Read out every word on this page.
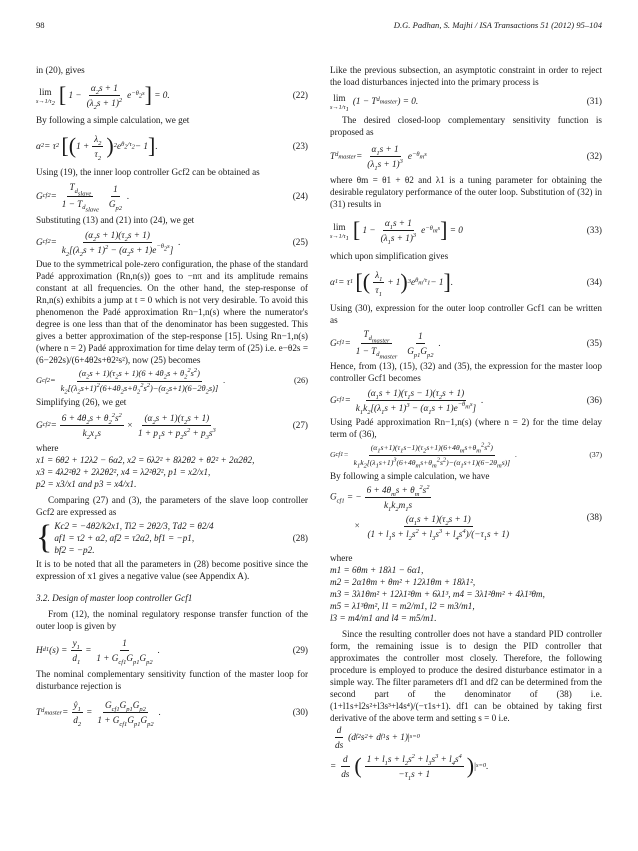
98	D.G. Padhan, S. Majhi / ISA Transactions 51 (2012) 95–104

in (20), gives

lim
$s\to 1/\tau_2$ [ 1 −
$\alpha_2s + 1$
$(\lambda_2s + 1)^2$ $e -\theta_2s$ ] = 0.	(22)

By following a simple calculation, we get

α 2 = τ 2
[ ( 1 +
$\lambda_2$
$\tau_2$ ) 2 e $\theta_2/\tau_2 - 1$ ] .	(23)

Using (19), the inner loop controller Gcf2 can be obtained as

G cf2 =
$T_{d_{slave}}$
$1 - T_{d_{slave}}$
1
$G_{p2}$
.	(24)

Substituting (13) and (21) into (24), we get

G cf2 =
$(\alpha_2s + 1)(\tau_2s + 1)$
$k_2[(\lambda_2s + 1)^2 - (\alpha_2s + 1)e^{-\theta_2s}]$
.	(25)

Due to the symmetrical pole-zero configuration, the phase of the standard Padé approximation (Rn,n(s)) goes to −nπ and its amplitude remains constant at all frequencies. On the other hand, the step-response of Rn,n(s) exhibits a jump at t = 0 which is not very desirable. To avoid this phenomenon the Padé approximation Rn−1,n(s) where the numerator's degree is one less than that of the denominator has been suggested. This gives a better approximation of the step-response [15]. Using Rn−1,n(s) (where n = 2) Padé approximation for time delay term of (25) i.e. e−θ2s = (6−2θ2s)/(6+4θ2s+θ2²s²), now (25) becomes

G cf2 =
$(\alpha_2s + 1)(\tau_2s + 1)(6 + 4\theta_2s + \theta_2^2s^2)$
$k_2[(\lambda_2s+1)^2(6+4\theta_2s+\theta_2^2s^2)-(\alpha_2s+1)(6-2\theta_2s)]$
.	(26)

Simplifying (26), we get

G cf2 =
$6 + 4\theta_2s + \theta_2^2s^2$
$k_2x_1s$
×
$(\alpha_2s + 1)(\tau_2s + 1)$
$1 + p_1s + p_2s^2 + p_3s^3$	(27)

where

x1 = 6θ2 + 12λ2 − 6α2, x2 = 6λ2² + 8λ2θ2 + θ2² + 2α2θ2,

x3 = 4λ2²θ2 + 2λ2θ2², x4 = λ2²θ2², p1 = x2/x1,

p2 = x3/x1 and p3 = x4/x1.

Comparing (27) and (3), the parameters of the slave loop controller Gcf2 are expressed as

{ Kc2 = −4θ2/k2x1, Ti2 = 2θ2/3, Td2 = θ2/4
af1 = τ2 + α2, af2 = τ2α2, bf1 = −p1,
bf2 = −p2.
(28)

It is to be noted that all the parameters in (28) become positive since the expression of x1 gives a negative value (see Appendix A).

3.2. Design of master loop controller Gcf1

From (12), the nominal regulatory response transfer function of the outer loop is given by

H d1 (s) =
$y_1$
$d_1$
=
1
$1 + G_{cf1}G_{p1}G_{p2}$
.	(29)

The nominal complementary sensitivity function of the master loop for disturbance rejection is

T $d_{master}$ =
$ŷ_1$
$d_2$
=
$G_{cf1}G_{p1}G_{p2}$
$1 + G_{cf1}G_{p1}G_{p2}$
.	(30)

Like the previous subsection, an asymptotic constraint in order to reject the load disturbances injected into the primary process is

lim
$s\to 1/\tau_1$
(1 − T $d_{master}$ ) = 0.	(31)

The desired closed-loop complementary sensitivity function is proposed as

T $d_{master}$ =
$\alpha_1s + 1$
$(\lambda_1s + 1)^3$ $e -\theta_ms$	(32)

where θm = θ1 + θ2 and λ1 is a tuning parameter for obtaining the desirable regulatory performance of the outer loop. Substitution of (32) in (31) results in

lim
$s\to 1/\tau_1$ [ 1 −
$\alpha_1s + 1$
$(\lambda_1s + 1)^3$ $e -\theta_ms$ ] = 0	(33)

which upon simplification gives

α 1 = τ 1
[ ( $\lambda_1$
$\tau_1$
+ 1 ) 3 e $\theta_m/\tau_1 - 1$ ] .	(34)

Using (30), expression for the outer loop controller Gcf1 can be written as

G cf1 =
$T_{d_{master}}$
$1 - T_{d_{master}}$
1
$G_{p1}G_{p2}$
.	(35)

Hence, from (13), (15), (32) and (35), the expression for the master loop controller Gcf1 becomes

G cf1 =
$(\alpha_1s + 1)(\tau_1s - 1)(\tau_2s + 1)$
$k_1k_2[(\lambda_1s + 1)^3 - (\alpha_1s + 1)e^{-\theta_ms}]$
.	(36)

Using Padé approximation Rn−1,n(s) (where n = 2) for the time delay term of (36),

G cf1 =
$(\alpha_1s+1)(\tau_1s-1)(\tau_2s+1)(6+4\theta_ms+\theta_m^2s^2)$
$k_1k_2[(\lambda_1s+1)^3(6+4\theta_ms+\theta_m^2s^2)-(\alpha_1s+1)(6-2\theta_ms)]$
.	(37)

By following a simple calculation, we have

$G_{cf1}$ = −
$6 + 4\theta_ms + \theta_m^2s^2$
$k_1k_2m_1s$
× $\frac{(\alpha_1s + 1)(\tau_2s + 1)}{(1 + l_1s + l_2s^2 + l_3s^3 + l_4s^4)/(-\tau_1s + 1)}$	(38)

where

m1 = 6θm + 18λ1 − 6α1,

m2 = 2α1θm + θm² + 12λ1θm + 18λ1²,

m3 = 3λ1θm² + 12λ1²θm + 6λ1³, m4 = 3λ1²θm² + 4λ1³θm,

m5 = λ1³θm², l1 = m2/m1, l2 = m3/m1,

l3 = m4/m1 and l4 = m5/m1.

Since the resulting controller does not have a standard PID controller form, the remaining issue is to design the PID controller that approximates the controller most closely. Therefore, the following procedure is employed to produce the desired disturbance estimator in a simple way. The filter parameters df1 and df2 can be determined from the second part of the denominator of (38) i.e. (1+l1s+l2s²+l3s³+l4s⁴)/(−τ1s+1). df1 can be obtained by taking first derivative of the above term and setting s = 0 i.e.

d
ds
(d f2 s 2 + d f1 s + 1) | s=0
=
d
ds ( $1 + l_1s + l_2s^2 + l_3s^3 + l_4s^4$
$-\tau_1s + 1$ ) | s=0 .
